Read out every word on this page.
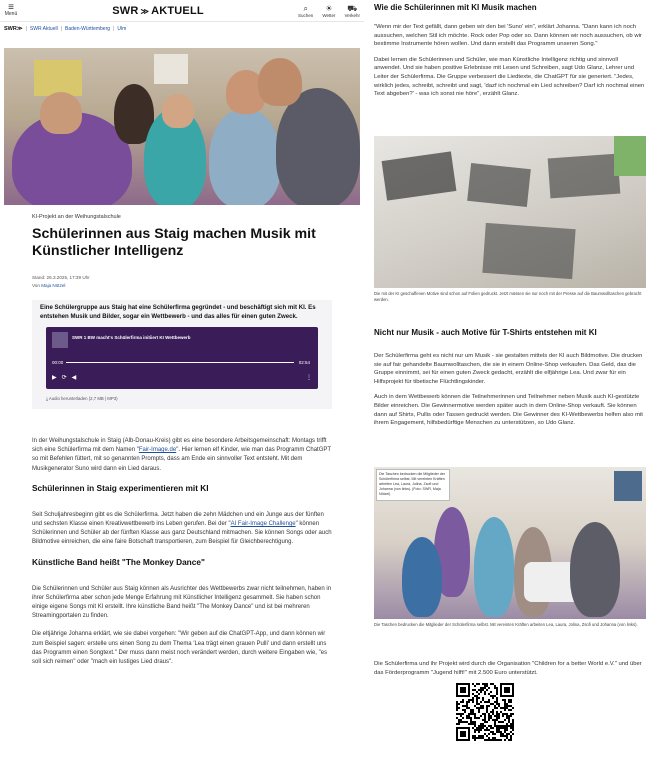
≡
Menü	SWR ≫ AKTUELL	⌕
Suchen
☀
Wetter
⛟
Verkehr
SWR≫ | SWR Aktuell | Baden-Württemberg | Ulm
KI-Projekt an der Weihungstalschule
Schülerinnen aus Staig machen Musik mit Künstlicher Intelligenz
Stand: 26.3.2025, 17:39 Uhr
Von Maja Nötzel

Eine Schülergruppe aus Staig hat eine Schülerfirma gegründet - und beschäftigt sich mit KI. Es entstehen Musik und Bilder, sogar ein Wettbewerb - und das alles für einen guten Zweck.

SWR 1 BW macht's Schülerfirma initiiert KI Wettbewerb
00:00	02:54
▶⟳◀	⋮
⤓ Audio herunterladen (2,7 MB | MP3)

In der Weihungstalschule in Staig (Alb-Donau-Kreis) gibt es eine besondere Arbeitsgemeinschaft: Montags trifft sich eine Schülerfirma mit dem Namen "Fair-Image.de". Hier lernen elf Kinder, wie man das Programm ChatGPT so mit Befehlen füttert, mit so genannten Prompts, dass am Ende ein sinnvoller Text entsteht. Mit dem Musikgenerator Suno wird dann ein Lied daraus.

Schülerinnen in Staig experimentieren mit KI

Seit Schuljahresbeginn gibt es die Schülerfirma. Jetzt haben die zehn Mädchen und ein Junge aus der fünften und sechsten Klasse einen Kreativwettbewerb ins Leben gerufen. Bei der "AI Fair-Image Challenge" können Schülerinnen und Schüler ab der fünften Klasse aus ganz Deutschland mitmachen. Sie können Songs oder auch Bildmotive einreichen, die eine faire Botschaft transportieren, zum Beispiel für Gleichberechtigung.

Künstliche Band heißt "The Monkey Dance"

Die Schülerinnen und Schüler aus Staig können als Ausrichter des Wettbewerbs zwar nicht teilnehmen, haben in ihrer Schülerfirma aber schon jede Menge Erfahrung mit Künstlicher Intelligenz gesammelt. Sie haben schon einige eigene Songs mit KI erstellt. Ihre künstliche Band heißt "The Monkey Dance" und ist bei mehreren Streamingportalen zu finden.

Die eltjährige Johanna erklärt, wie sie dabei vorgehen: "Wir geben auf die ChatGPT-App, und dann können wir zum Beispiel sagen: erstelle uns einen Song zu dem Thema 'Lea trägt einen grauen Pulli' und dann erstellt uns das Programm einen Songtext." Der muss dann meist noch verändert werden, durch weitere Eingaben wie, "es soll sich reimen" oder "mach ein lustiges Lied draus".

Wie die Schülerinnen mit KI Musik machen

"Wenn mir der Text gefällt, dann geben wir den bei 'Suno' ein", erklärt Johanna. "Dann kann ich noch aussuchen, welchen Stil ich möchte. Rock oder Pop oder so. Dann können wir noch aussuchen, ob wir bestimme Instrumente hören wollen. Und dann erstellt das Programm unseren Song."

Dabei lernen die Schülerinnen und Schüler, wie man Künstliche Intelligenz richtig und sinnvoll anwendet. Und sie haben positive Erlebnisse mit Lesen und Schreiben, sagt Udo Glanz, Lehrer und Leiter der Schülerfirma. Die Gruppe verbessert die Liedtexte, die ChatGPT für sie generiert. "Jedes, wirklich jedes, schreibt, schreibt und sagt, 'dazf ich nochmal ein Lied schreiben? Darf ich nochmal einen Text abgeben?' - was ich sonst nie höre", erzählt Glanz.

Die mit der KI geschaffenen Motive sind schon auf Folien gedruckt. Jetzt müssen sie nur noch mit der Presse auf die Baumwolltaschen gebracht werden.
Nicht nur Musik - auch Motive für T-Shirts entstehen mit KI

Der Schülerfirma geht es nicht nur um Musik - sie gestalten mittels der KI auch Bildmotive. Die drucken sie auf fair gehandelte Baumwolltaschen, die sie in einem Online-Shop verkaufen. Das Geld, das die Gruppe einnimmt, sei für einen guten Zweck gedacht, erzählt die elfjährige Lea. Und zwar für ein Hilfsprojekt für tibetische Flüchtlingskinder.

Auch in dem Wettbewerb können die Teilnehmerinnen und Teilnehmer neben Musik auch KI-gestützte Bilder einreichen. Die Gewinnermotive werden später auch in dem Online-Shop verkauft. Sie können dann auf Shirts, Pullis oder Tassen gedruckt werden. Die Gewinner des KI-Wettbewerbs helfen also mit ihrem Engagement, hilfsbedürftige Menschen zu unterstützen, so Udo Glanz.

Die Taschen bedrucken die Mitglieder der Schülerfirma selbst. Mit vereinten Kräften arbeiten Lea, Laura, Jolina, Zsofi und Johanna (von links). (Foto: SWR, Maja Nötzel)
Die Taschen bedrucken die Mitglieder der Schülerfirma selbst. Mit vereinten Kräften arbeiten Lea, Laura, Jolina, Zsofi und Johanna (von links).

Die Schülerfirma und ihr Projekt wird durch die Organisation "Children for a better World e.V." und über das Förderprogramm "Jugend hilft!" mit 2.500 Euro unterstützt.
